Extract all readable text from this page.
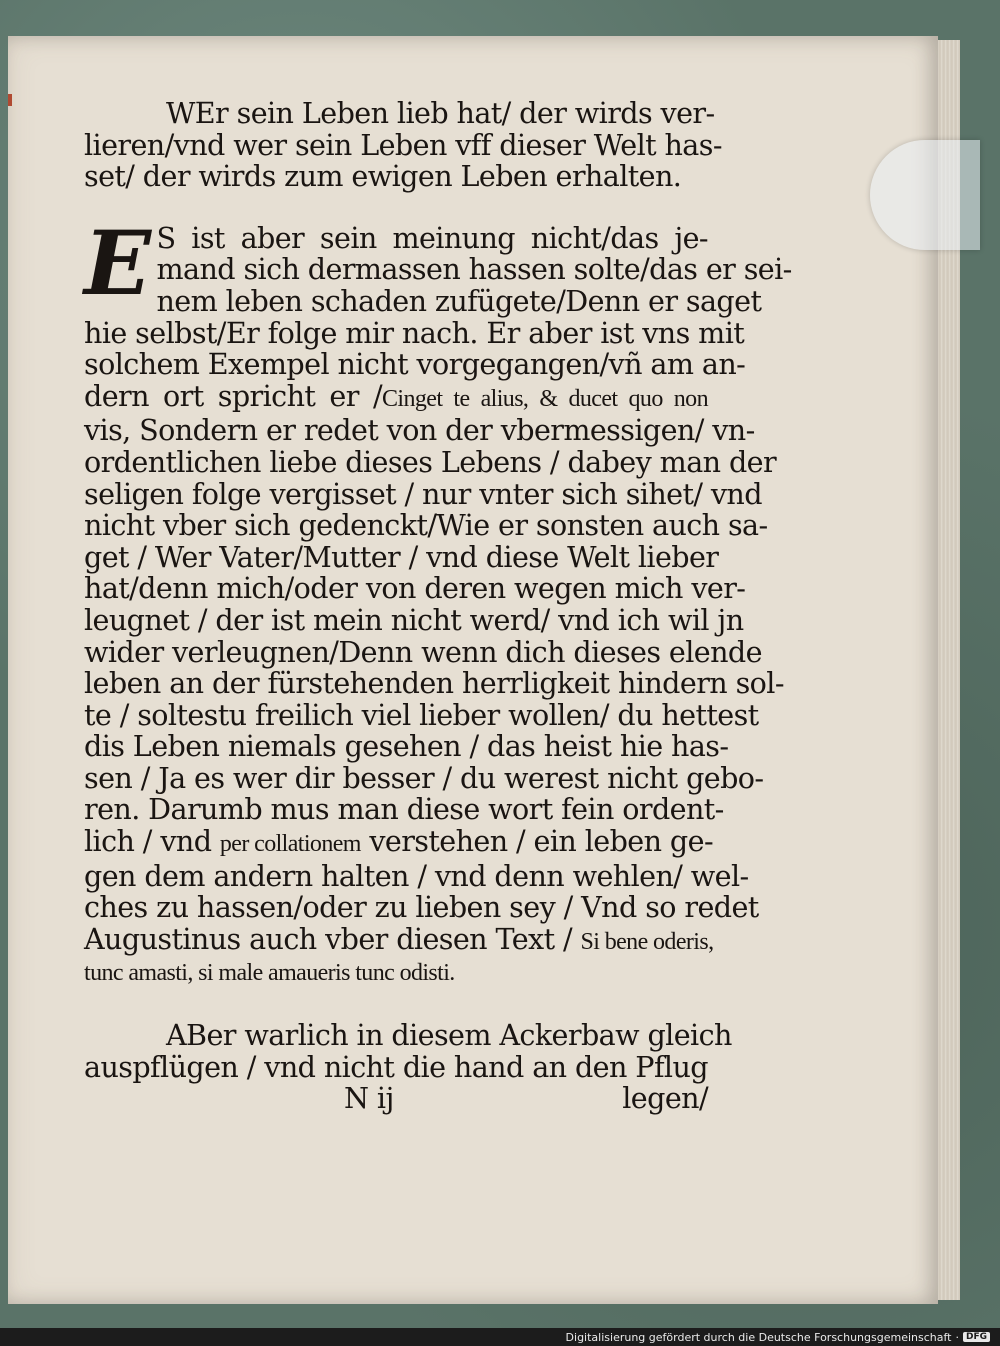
WEr sein Leben lieb hat/ der wirds ver-
lieren/vnd wer sein Leben vff dieser Welt has-
set/ der wirds zum ewigen Leben erhalten.

E S ist aber sein meinung nicht/das je-
mand sich dermassen hassen solte/das er sei-
nem leben schaden zufügete/Denn er saget
hie selbst/Er folge mir nach. Er aber ist vns mit
solchem Exempel nicht vorgegangen/vñ am an-
dern ort spricht er /Cinget te alius, & ducet quo non
vis, Sondern er redet von der vbermessigen/ vn-
ordentlichen liebe dieses Lebens / dabey man der
seligen folge vergisset / nur vnter sich sihet/ vnd
nicht vber sich gedenckt/Wie er sonsten auch sa-
get / Wer Vater/Mutter / vnd diese Welt lieber
hat/denn mich/oder von deren wegen mich ver-
leugnet / der ist mein nicht werd/ vnd ich wil jn
wider verleugnen/Denn wenn dich dieses elende
leben an der fürstehenden herrligkeit hindern sol-
te / soltestu freilich viel lieber wollen/ du hettest
dis Leben niemals gesehen / das heist hie has-
sen / Ja es wer dir besser / du werest nicht gebo-
ren. Darumb mus man diese wort fein ordent-
lich / vnd per collationem verstehen / ein leben ge-
gen dem andern halten / vnd denn wehlen/ wel-
ches zu hassen/oder zu lieben sey / Vnd so redet
Augustinus auch vber diesen Text / Si bene oderis,
tunc amasti, si male amaueris tunc odisti.

ABer warlich in diesem Ackerbaw gleich
auspflügen / vnd nicht die hand an den Pflug
N ij	legen/

Digitalisierung gefördert durch die Deutsche Forschungsgemeinschaft · DFG
